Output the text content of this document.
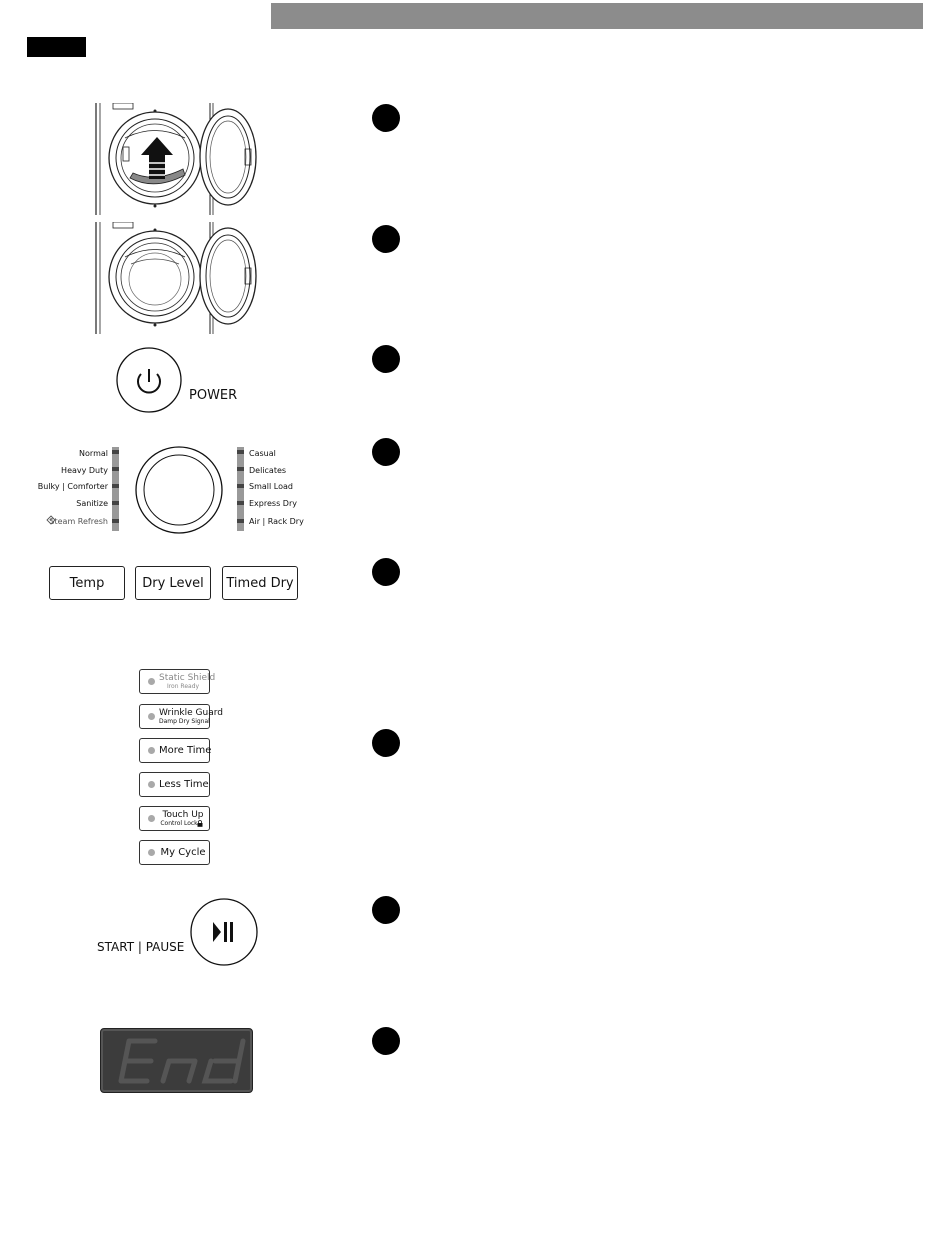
POWER
Normal
Heavy Duty
Bulky | Comforter
Sanitize
Steam Refresh
Casual
Delicates
Small Load
Express Dry
Air | Rack Dry
Temp	Dry Level	Timed Dry
Static Shield
Iron Ready
Wrinkle Guard
Damp Dry Signal
More Time
Less Time
Touch Up
Control Lock
My Cycle
START | PAUSE
